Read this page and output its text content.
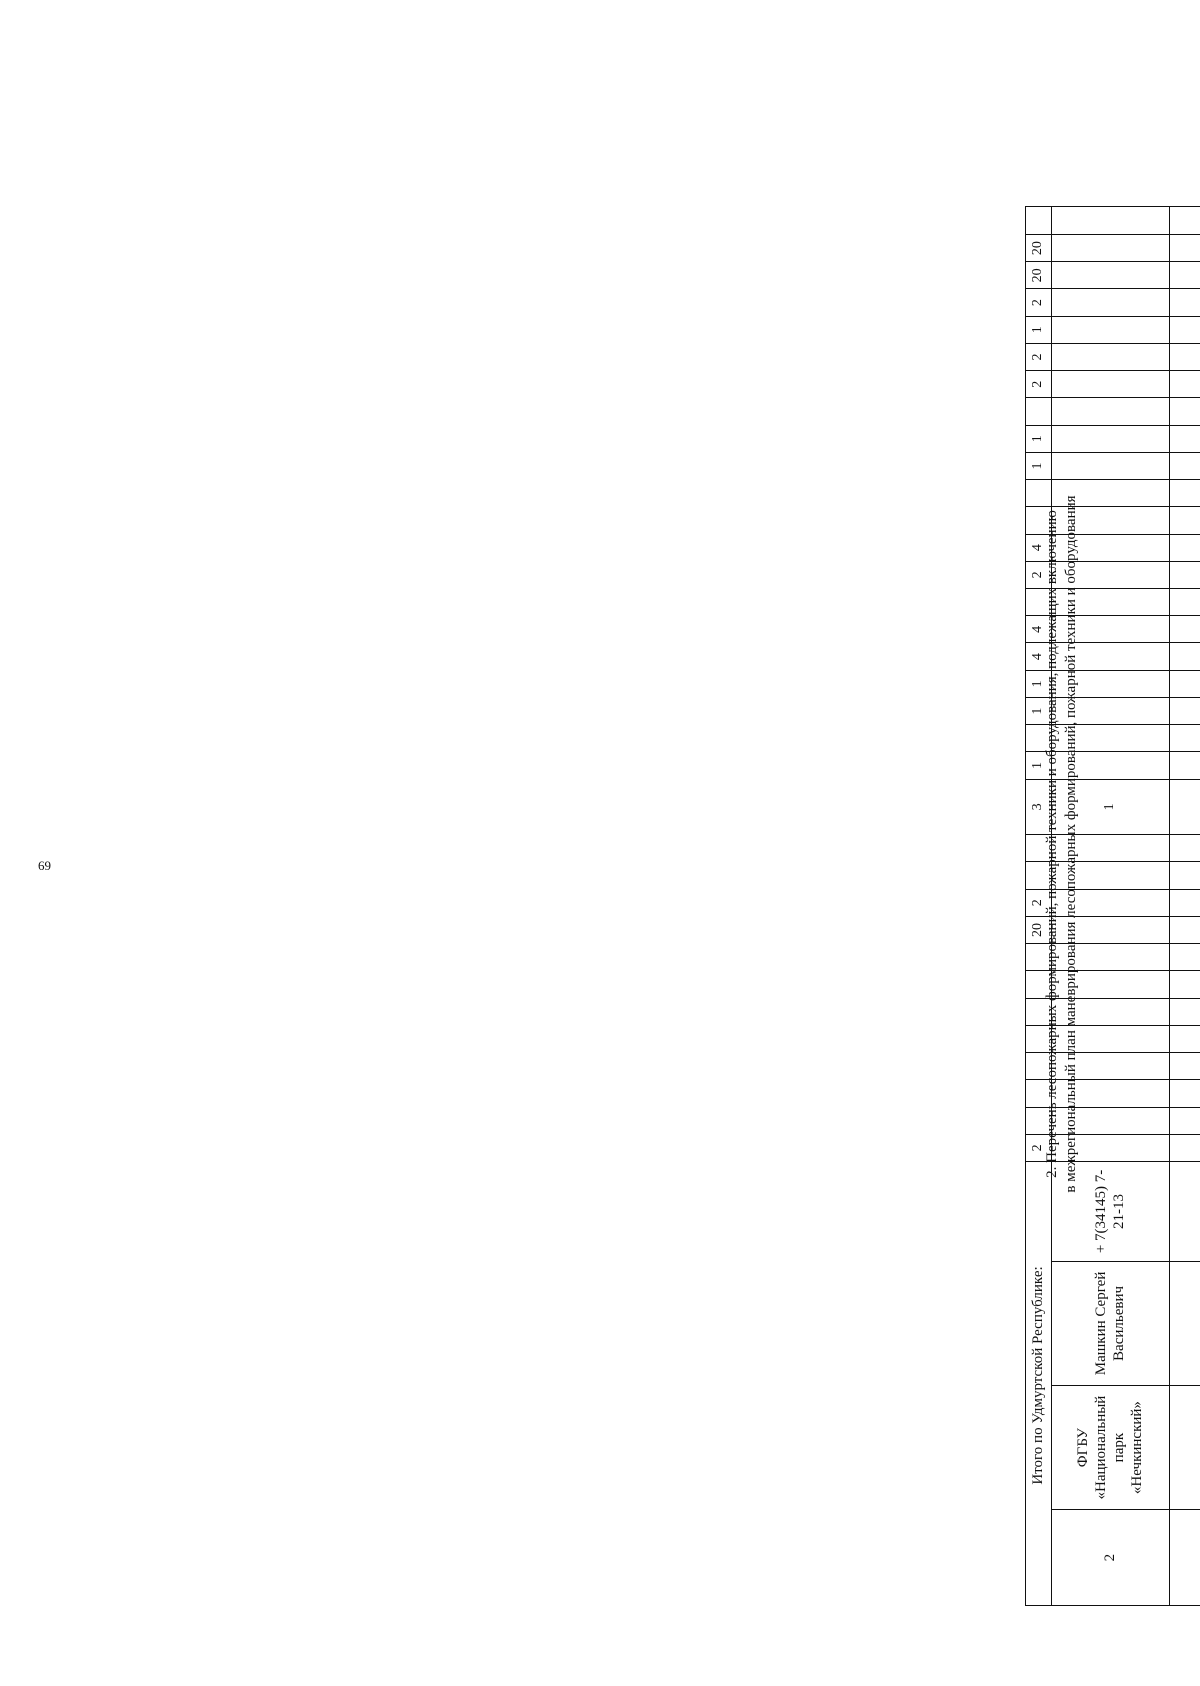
69	2. Перечень лесопожарных формирований, пожарной техники и оборудования, подлежащих включению в межрегиональный план маневрирования лесопожарных формирований, пожарной техники и оборудования

2	ФГБУ «Национальный парк «Нечкинский»	Машкин Сергей Васильевич	+ 7(34145) 7-21-13													1																					

Итого по Удмуртской Республике:				2								20	2			3	1		1	1	4	4		2	4			1	1		2	2	1	2	20	20	
